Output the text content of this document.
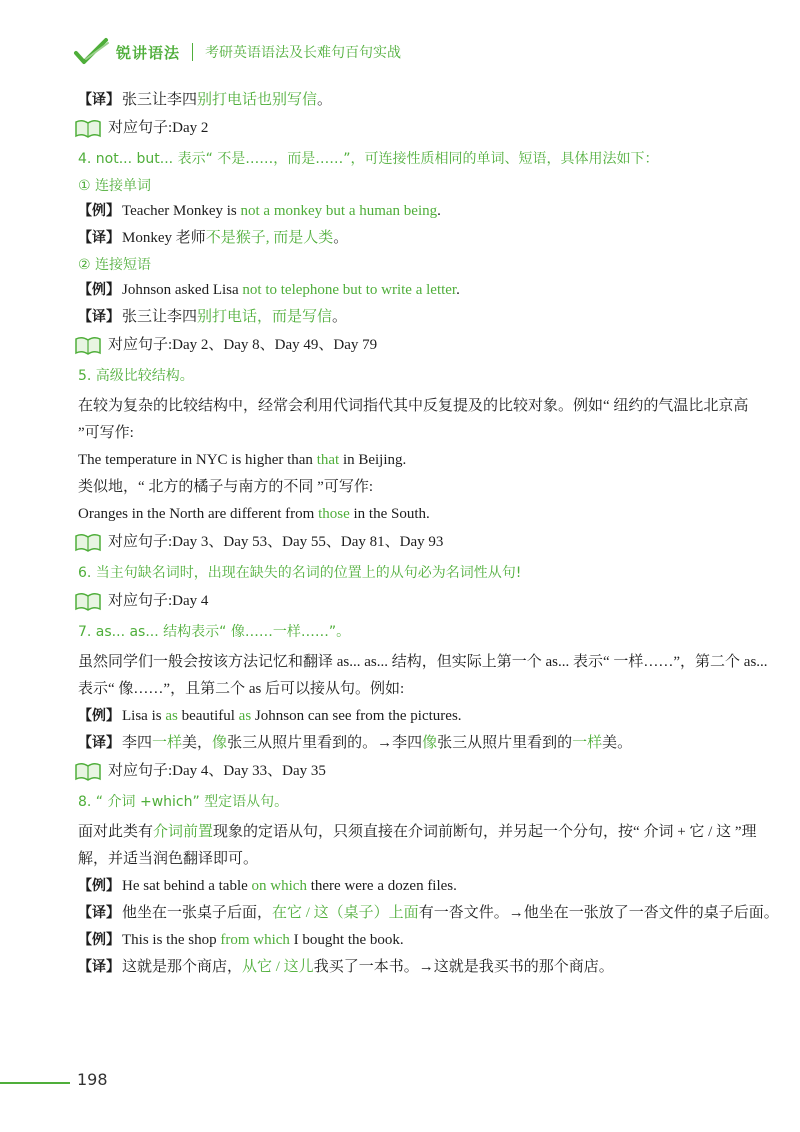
锐讲语法 考研英语语法及长难句百句实战
【译】 张三让李四别打电话也别写信。
对应句子: Day 2
4. not... but... 表示“ 不是……，而是……”，可连接性质相同的单词、短语，具体用法如下：
① 连接单词
【例】 Teacher Monkey is not a monkey but a human being.
【译】 Monkey 老师不是猴子, 而是人类。
② 连接短语
【例】 Johnson asked Lisa not to telephone but to write a letter.
【译】 张三让李四别打电话，而是写信。
对应句子: Day 2、Day 8、Day 49、Day 79
5. 高级比较结构。
在较为复杂的比较结构中，经常会利用代词指代其中反复提及的比较对象。例如“ 纽约的气温比北京高 ”可写作:
The temperature in NYC is higher than that in Beijing.
类似地，“ 北方的橘子与南方的不同 ”可写作:
Oranges in the North are different from those in the South.
对应句子: Day 3、Day 53、Day 55、Day 81、Day 93
6. 当主句缺名词时，出现在缺失的名词的位置上的从句必为名词性从句!
对应句子: Day 4
7. as... as... 结构表示“ 像……一样……”。
虽然同学们一般会按该方法记忆和翻译 as... as... 结构，但实际上第一个 as... 表示“ 一样……”，第二个 as... 表示“ 像……”，且第二个 as 后可以接从句。例如:
【例】 Lisa is as beautiful as Johnson can see from the pictures.
【译】 李四一样美，像张三从照片里看到的。→李四像张三从照片里看到的一样美。
对应句子: Day 4、Day 33、Day 35
8. “ 介词 +which” 型定语从句。
面对此类有介词前置现象的定语从句，只须直接在介词前断句，并另起一个分句，按“ 介词 + 它 / 这 ”理解，并适当润色翻译即可。
【例】 He sat behind a table on which there were a dozen files.
【译】 他坐在一张桌子后面，在它 / 这（桌子）上面有一沓文件。→他坐在一张放了一沓文件的桌子后面。
【例】 This is the shop from which I bought the book.
【译】 这就是那个商店，从它 / 这儿我买了一本书。→这就是我买书的那个商店。
198
